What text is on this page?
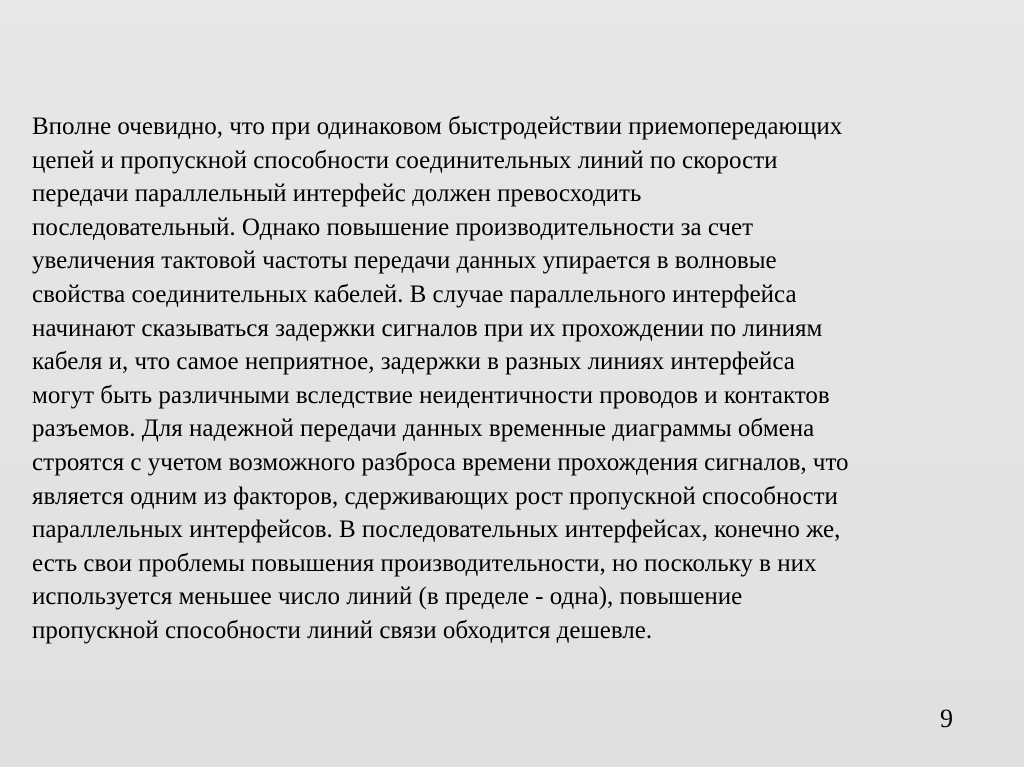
Вполне очевидно, что при одинаковом быстродействии приемопередающих
цепей и пропускной способности соединительных линий по скорости
передачи параллельный интерфейс должен превосходить
последовательный. Однако повышение производительности за счет
увеличения тактовой частоты передачи данных упирается в волновые
свойства соединительных кабелей. В случае параллельного интерфейса
начинают сказываться задержки сигналов при их прохождении по линиям
кабеля и, что самое неприятное, задержки в разных линиях интерфейса
могут быть различными вследствие неидентичности проводов и контактов
разъемов. Для надежной передачи данных временные диаграммы обмена
строятся с учетом возможного разброса времени прохождения сигналов, что
является одним из факторов, сдерживающих рост пропускной способности
параллельных интерфейсов. В последовательных интерфейсах, конечно же,
есть свои проблемы повышения производительности, но поскольку в них
используется меньшее число линий (в пределе - одна), повышение
пропускной способности линий связи обходится дешевле.

9
